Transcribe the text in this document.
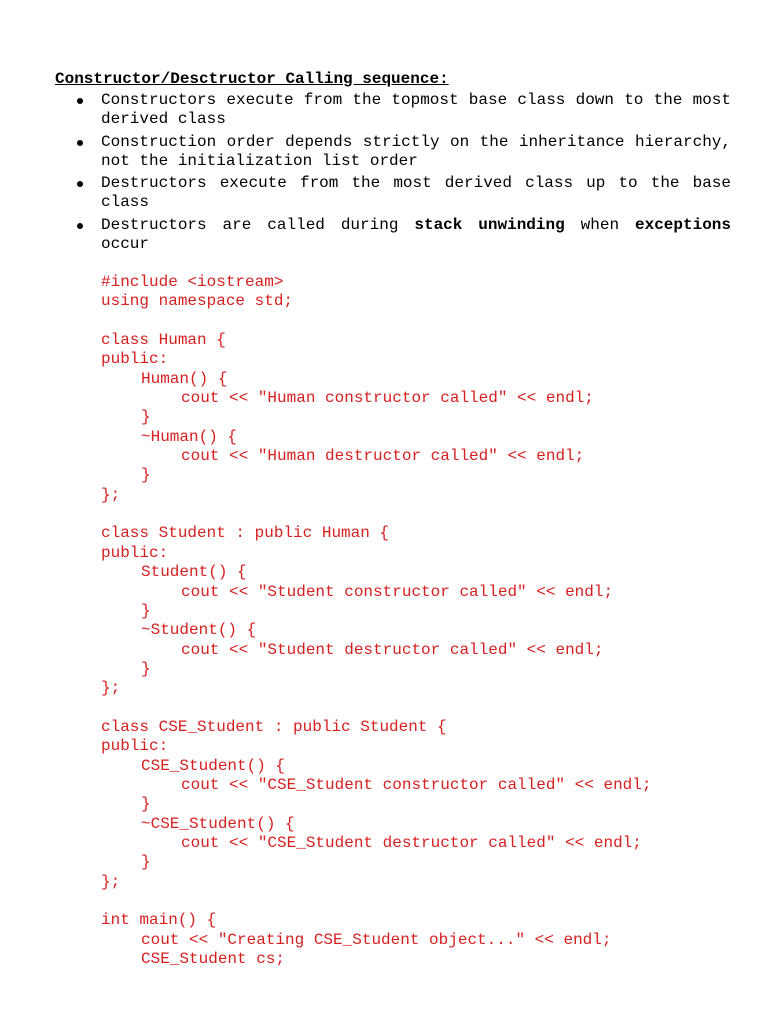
Constructor/Desctructor Calling sequence:
Constructors execute from the topmost base class down to the most derived class
Construction order depends strictly on the inheritance hierarchy, not the initialization list order
Destructors execute from the most derived class up to the base class
Destructors are called during stack unwinding when exceptions occur
#include <iostream>
using namespace std;
class Human {
public:
Human() {
cout << "Human constructor called" << endl;
}
~Human() {
cout << "Human destructor called" << endl;
}
};
class Student : public Human {
public:
Student() {
cout << "Student constructor called" << endl;
}
~Student() {
cout << "Student destructor called" << endl;
}
};
class CSE_Student : public Student {
public:
CSE_Student() {
cout << "CSE_Student constructor called" << endl;
}
~CSE_Student() {
cout << "CSE_Student destructor called" << endl;
}
};
int main() {
cout << "Creating CSE_Student object..." << endl;
CSE_Student cs;
